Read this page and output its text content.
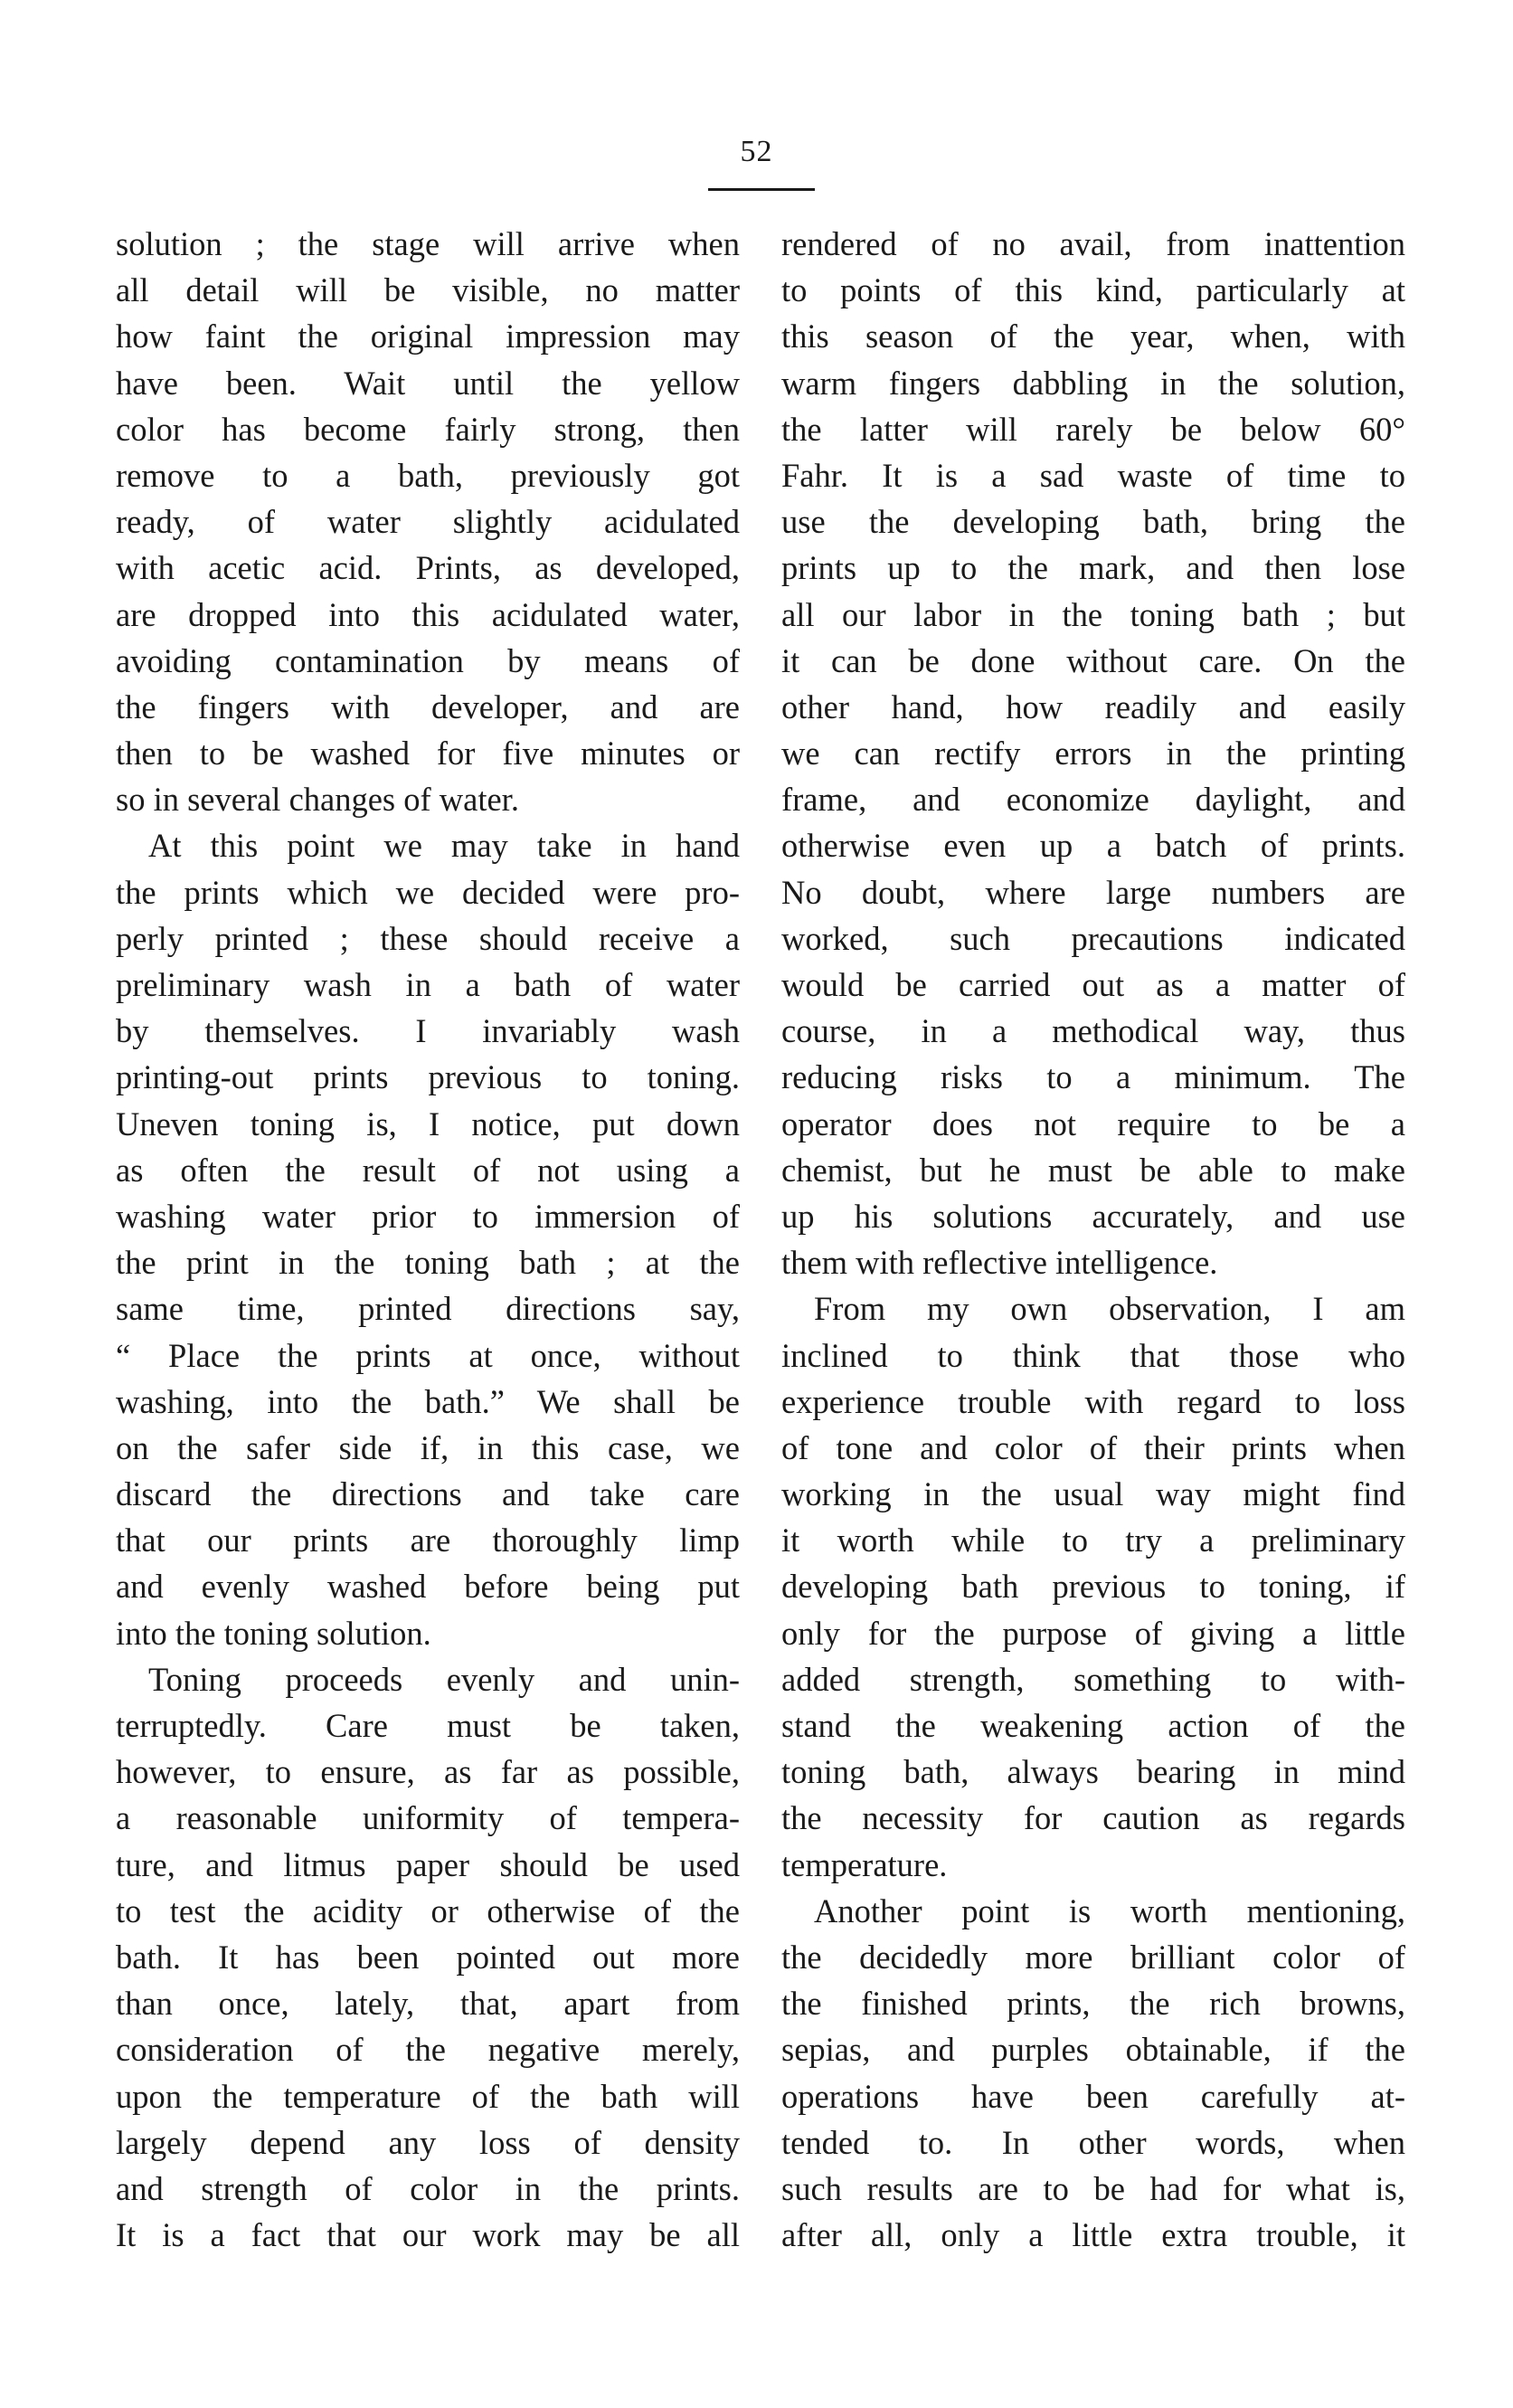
52
solution ; the stage will arrive when
all detail will be visible, no matter
how faint the original impression may
have been. Wait until the yellow
color has become fairly strong, then
remove to a bath, previously got
ready, of water slightly acidulated
with acetic acid. Prints, as developed,
are dropped into this acidulated water,
avoiding contamination by means of
the fingers with developer, and are
then to be washed for five minutes or
so in several changes of water.
At this point we may take in hand
the prints which we decided were pro-
perly printed ; these should receive a
preliminary wash in a bath of water
by themselves. I invariably wash
printing-out prints previous to toning.
Uneven toning is, I notice, put down
as often the result of not using a
washing water prior to immersion of
the print in the toning bath ; at the
same time, printed directions say,
“ Place the prints at once, without
washing, into the bath.” We shall be
on the safer side if, in this case, we
discard the directions and take care
that our prints are thoroughly limp
and evenly washed before being put
into the toning solution.
Toning proceeds evenly and unin-
terruptedly. Care must be taken,
however, to ensure, as far as possible,
a reasonable uniformity of tempera-
ture, and litmus paper should be used
to test the acidity or otherwise of the
bath. It has been pointed out more
than once, lately, that, apart from
consideration of the negative merely,
upon the temperature of the bath will
largely depend any loss of density
and strength of color in the prints.
It is a fact that our work may be all
rendered of no avail, from inattention
to points of this kind, particularly at
this season of the year, when, with
warm fingers dabbling in the solution,
the latter will rarely be below 60°
Fahr. It is a sad waste of time to
use the developing bath, bring the
prints up to the mark, and then lose
all our labor in the toning bath ; but
it can be done without care. On the
other hand, how readily and easily
we can rectify errors in the printing
frame, and economize daylight, and
otherwise even up a batch of prints.
No doubt, where large numbers are
worked, such precautions indicated
would be carried out as a matter of
course, in a methodical way, thus
reducing risks to a minimum. The
operator does not require to be a
chemist, but he must be able to make
up his solutions accurately, and use
them with reflective intelligence.
From my own observation, I am
inclined to think that those who
experience trouble with regard to loss
of tone and color of their prints when
working in the usual way might find
it worth while to try a preliminary
developing bath previous to toning, if
only for the purpose of giving a little
added strength, something to with-
stand the weakening action of the
toning bath, always bearing in mind
the necessity for caution as regards
temperature.
Another point is worth mentioning,
the decidedly more brilliant color of
the finished prints, the rich browns,
sepias, and purples obtainable, if the
operations have been carefully at-
tended to. In other words, when
such results are to be had for what is,
after all, only a little extra trouble, it
